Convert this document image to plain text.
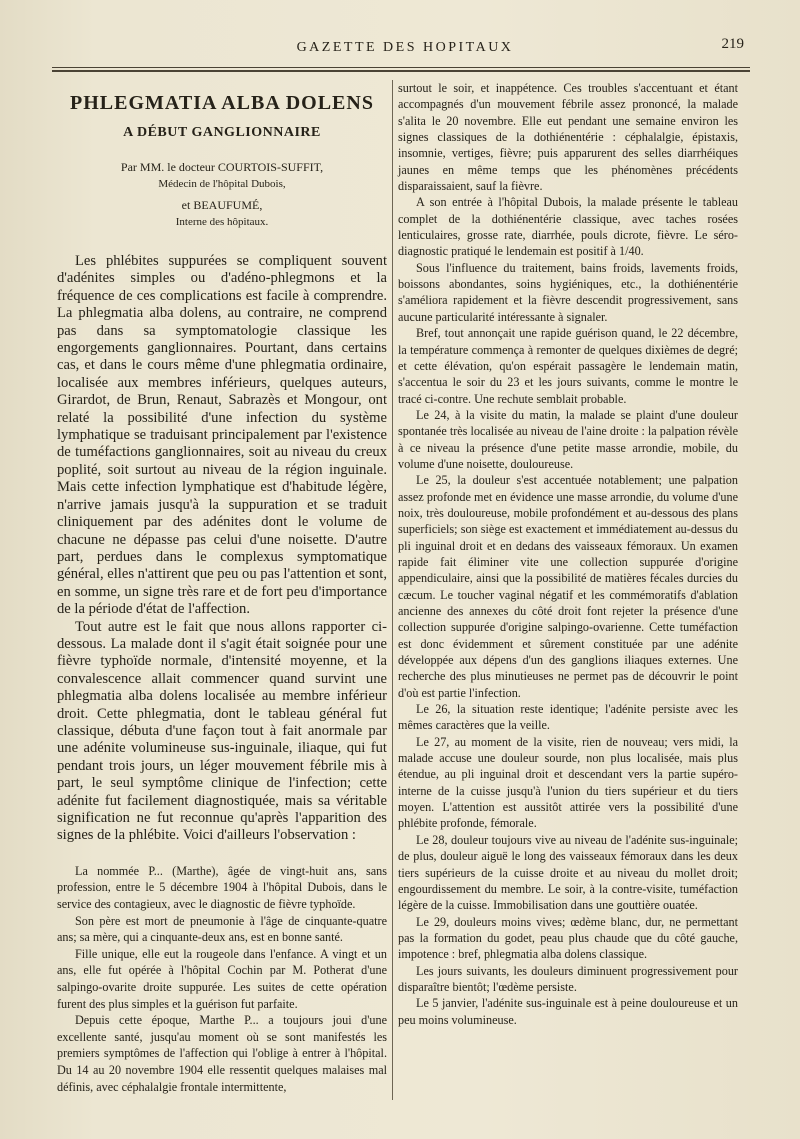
GAZETTE DES HOPITAUX	219
PHLEGMATIA ALBA DOLENS
A DÉBUT GANGLIONNAIRE
Par MM. le docteur COURTOIS-SUFFIT,
Médecin de l'hôpital Dubois,
et BEAUFUMÉ,
Interne des hôpitaux.

Les phlébites suppurées se compliquent souvent d'adénites simples ou d'adéno-phlegmons et la fréquence de ces complications est facile à comprendre. La phlegmatia alba dolens, au contraire, ne comprend pas dans sa symptomatologie classique les engorgements ganglionnaires. Pourtant, dans certains cas, et dans le cours même d'une phlegmatia ordinaire, localisée aux membres inférieurs, quelques auteurs, Girardot, de Brun, Renaut, Sabrazès et Mongour, ont relaté la possibilité d'une infection du système lymphatique se traduisant principalement par l'existence de tuméfactions ganglionnaires, soit au niveau du creux poplité, soit surtout au niveau de la région inguinale. Mais cette infection lymphatique est d'habitude légère, n'arrive jamais jusqu'à la suppuration et se traduit cliniquement par des adénites dont le volume de chacune ne dépasse pas celui d'une noisette. D'autre part, perdues dans le complexus symptomatique général, elles n'attirent que peu ou pas l'attention et sont, en somme, un signe très rare et de fort peu d'importance de la période d'état de l'affection.

Tout autre est le fait que nous allons rapporter ci-dessous. La malade dont il s'agit était soignée pour une fièvre typhoïde normale, d'intensité moyenne, et la convalescence allait commencer quand survint une phlegmatia alba dolens localisée au membre inférieur droit. Cette phlegmatia, dont le tableau général fut classique, débuta d'une façon tout à fait anormale par une adénite volumineuse sus-inguinale, iliaque, qui fut pendant trois jours, un léger mouvement fébrile mis à part, le seul symptôme clinique de l'infection; cette adénite fut facilement diagnostiquée, mais sa véritable signification ne fut reconnue qu'après l'apparition des signes de la phlébite. Voici d'ailleurs l'observation :

La nommée P... (Marthe), âgée de vingt-huit ans, sans profession, entre le 5 décembre 1904 à l'hôpital Dubois, dans le service des contagieux, avec le diagnostic de fièvre typhoïde.

Son père est mort de pneumonie à l'âge de cinquante-quatre ans; sa mère, qui a cinquante-deux ans, est en bonne santé.

Fille unique, elle eut la rougeole dans l'enfance. A vingt et un ans, elle fut opérée à l'hôpital Cochin par M. Potherat d'une salpingo-ovarite droite suppurée. Les suites de cette opération furent des plus simples et la guérison fut parfaite.

Depuis cette époque, Marthe P... a toujours joui d'une excellente santé, jusqu'au moment où se sont manifestés les premiers symptômes de l'affection qui l'oblige à entrer à l'hôpital. Du 14 au 20 novembre 1904 elle ressentit quelques malaises mal définis, avec céphalalgie frontale intermittente,

surtout le soir, et inappétence. Ces troubles s'accentuant et étant accompagnés d'un mouvement fébrile assez prononcé, la malade s'alita le 20 novembre. Elle eut pendant une semaine environ les signes classiques de la dothiénentérie : céphalalgie, épistaxis, insomnie, vertiges, fièvre; puis apparurent des selles diarrhéiques jaunes en même temps que les phénomènes précédents disparaissaient, sauf la fièvre.

A son entrée à l'hôpital Dubois, la malade présente le tableau complet de la dothiénentérie classique, avec taches rosées lenticulaires, grosse rate, diarrhée, pouls dicrote, fièvre. Le séro-diagnostic pratiqué le lendemain est positif à 1/40.

Sous l'influence du traitement, bains froids, lavements froids, boissons abondantes, soins hygiéniques, etc., la dothiénentérie s'améliora rapidement et la fièvre descendit progressivement, sans aucune particularité intéressante à signaler.

Bref, tout annonçait une rapide guérison quand, le 22 décembre, la température commença à remonter de quelques dixièmes de degré; et cette élévation, qu'on espérait passagère le lendemain matin, s'accentua le soir du 23 et les jours suivants, comme le montre le tracé ci-contre. Une rechute semblait probable.

Le 24, à la visite du matin, la malade se plaint d'une douleur spontanée très localisée au niveau de l'aine droite : la palpation révèle à ce niveau la présence d'une petite masse arrondie, mobile, du volume d'une noisette, douloureuse.

Le 25, la douleur s'est accentuée notablement; une palpation assez profonde met en évidence une masse arrondie, du volume d'une noix, très douloureuse, mobile profondément et au-dessous des plans superficiels; son siège est exactement et immédiatement au-dessus du pli inguinal droit et en dedans des vaisseaux fémoraux. Un examen rapide fait éliminer vite une collection suppurée d'origine appendiculaire, ainsi que la possibilité de matières fécales durcies du cæcum. Le toucher vaginal négatif et les commémoratifs d'ablation ancienne des annexes du côté droit font rejeter la présence d'une collection suppurée d'origine salpingo-ovarienne. Cette tuméfaction est donc évidemment et sûrement constituée par une adénite développée aux dépens d'un des ganglions iliaques externes. Une recherche des plus minutieuses ne permet pas de découvrir le point d'où est partie l'infection.

Le 26, la situation reste identique; l'adénite persiste avec les mêmes caractères que la veille.

Le 27, au moment de la visite, rien de nouveau; vers midi, la malade accuse une douleur sourde, non plus localisée, mais plus étendue, au pli inguinal droit et descendant vers la partie supéro-interne de la cuisse jusqu'à l'union du tiers supérieur et du tiers moyen. L'attention est aussitôt attirée vers la possibilité d'une phlébite profonde, fémorale.

Le 28, douleur toujours vive au niveau de l'adénite sus-inguinale; de plus, douleur aiguë le long des vaisseaux fémoraux dans les deux tiers supérieurs de la cuisse droite et au niveau du mollet droit; engourdissement du membre. Le soir, à la contre-visite, tuméfaction légère de la cuisse. Immobilisation dans une gouttière ouatée.

Le 29, douleurs moins vives; œdème blanc, dur, ne permettant pas la formation du godet, peau plus chaude que du côté gauche, impotence : bref, phlegmatia alba dolens classique.

Les jours suivants, les douleurs diminuent progressivement pour disparaître bientôt; l'œdème persiste.

Le 5 janvier, l'adénite sus-inguinale est à peine douloureuse et un peu moins volumineuse.
